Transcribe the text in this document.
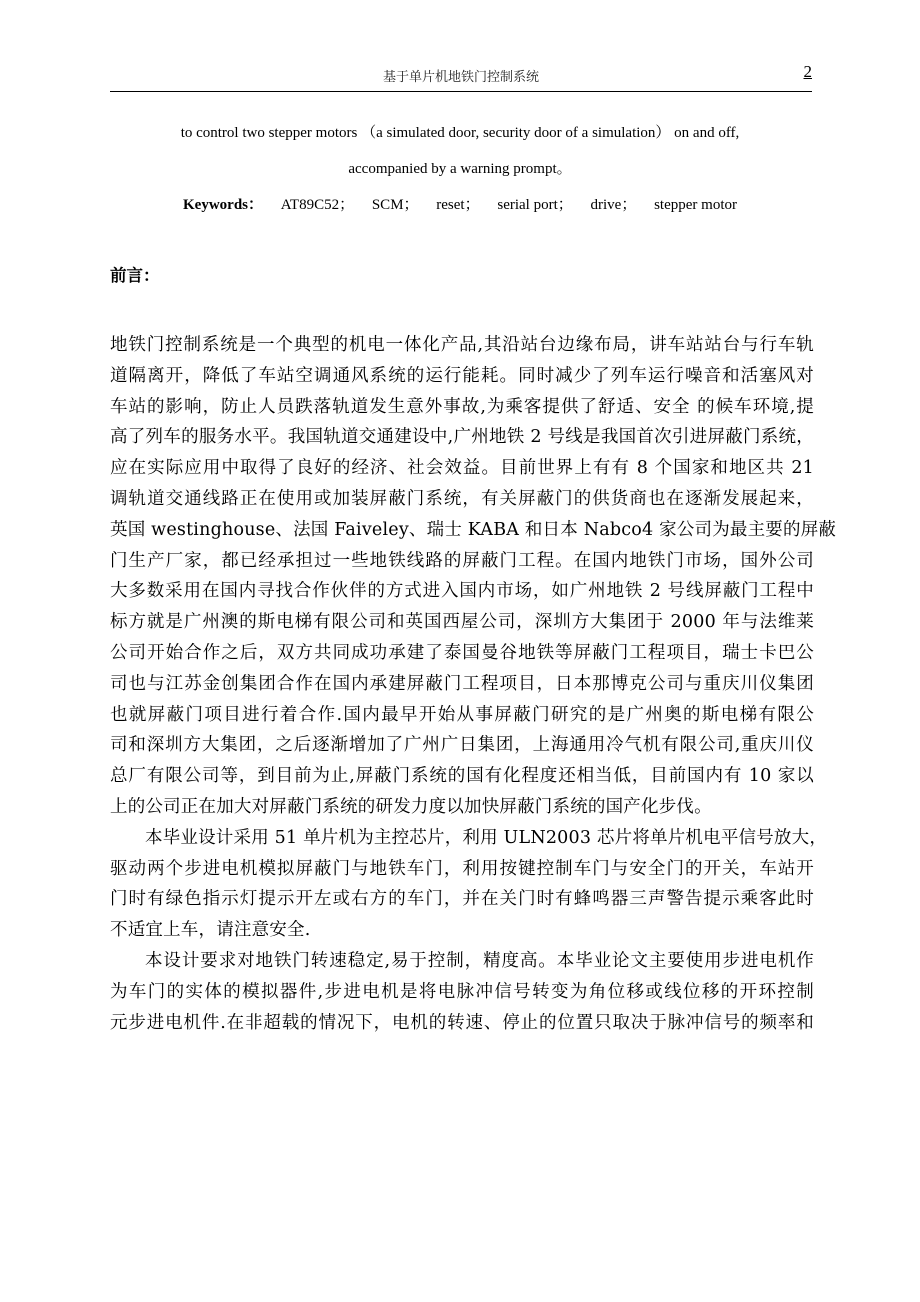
基于单片机地铁门控制系统	2
to control two stepper motors （a simulated door, security door of a simulation） on and off,
accompanied by a warning prompt。
Keywords： AT89C52； SCM； reset； serial port； drive； stepper motor
前言：
地铁门控制系统是一个典型的机电一体化产品,其沿站台边缘布局，讲车站站台与行车轨
道隔离开，降低了车站空调通风系统的运行能耗。同时减少了列车运行噪音和活塞风对
车站的影响，防止人员跌落轨道发生意外事故,为乘客提供了舒适、安全 的候车环境,提
高了列车的服务水平。我国轨道交通建设中,广州地铁 2 号线是我国首次引进屏蔽门系统，
应在实际应用中取得了良好的经济、社会效益。目前世界上有有 8 个国家和地区共 21
调轨道交通线路正在使用或加装屏蔽门系统，有关屏蔽门的供货商也在逐渐发展起来，
英国 westinghouse、法国 Faiveley、瑞士 KABA 和日本 Nabco4 家公司为最主要的屏蔽
门生产厂家，都已经承担过一些地铁线路的屏蔽门工程。在国内地铁门市场，国外公司
大多数采用在国内寻找合作伙伴的方式进入国内市场，如广州地铁 2 号线屏蔽门工程中
标方就是广州澳的斯电梯有限公司和英国西屋公司，深圳方大集团于 2000 年与法维莱
公司开始合作之后，双方共同成功承建了泰国曼谷地铁等屏蔽门工程项目，瑞士卡巴公
司也与江苏金创集团合作在国内承建屏蔽门工程项目，日本那博克公司与重庆川仪集团
也就屏蔽门项目进行着合作.国内最早开始从事屏蔽门研究的是广州奥的斯电梯有限公
司和深圳方大集团，之后逐渐增加了广州广日集团，上海通用冷气机有限公司,重庆川仪
总厂有限公司等，到目前为止,屏蔽门系统的国有化程度还相当低，目前国内有 10 家以
上的公司正在加大对屏蔽门系统的研发力度以加快屏蔽门系统的国产化步伐。
本毕业设计采用 51 单片机为主控芯片，利用 ULN2003 芯片将单片机电平信号放大，
驱动两个步进电机模拟屏蔽门与地铁车门，利用按键控制车门与安全门的开关，车站开
门时有绿色指示灯提示开左或右方的车门，并在关门时有蜂鸣器三声警告提示乘客此时
不适宜上车，请注意安全.
本设计要求对地铁门转速稳定,易于控制，精度高。本毕业论文主要使用步进电机作
为车门的实体的模拟器件,步进电机是将电脉冲信号转变为角位移或线位移的开环控制
元步进电机件.在非超载的情况下，电机的转速、停止的位置只取决于脉冲信号的频率和
